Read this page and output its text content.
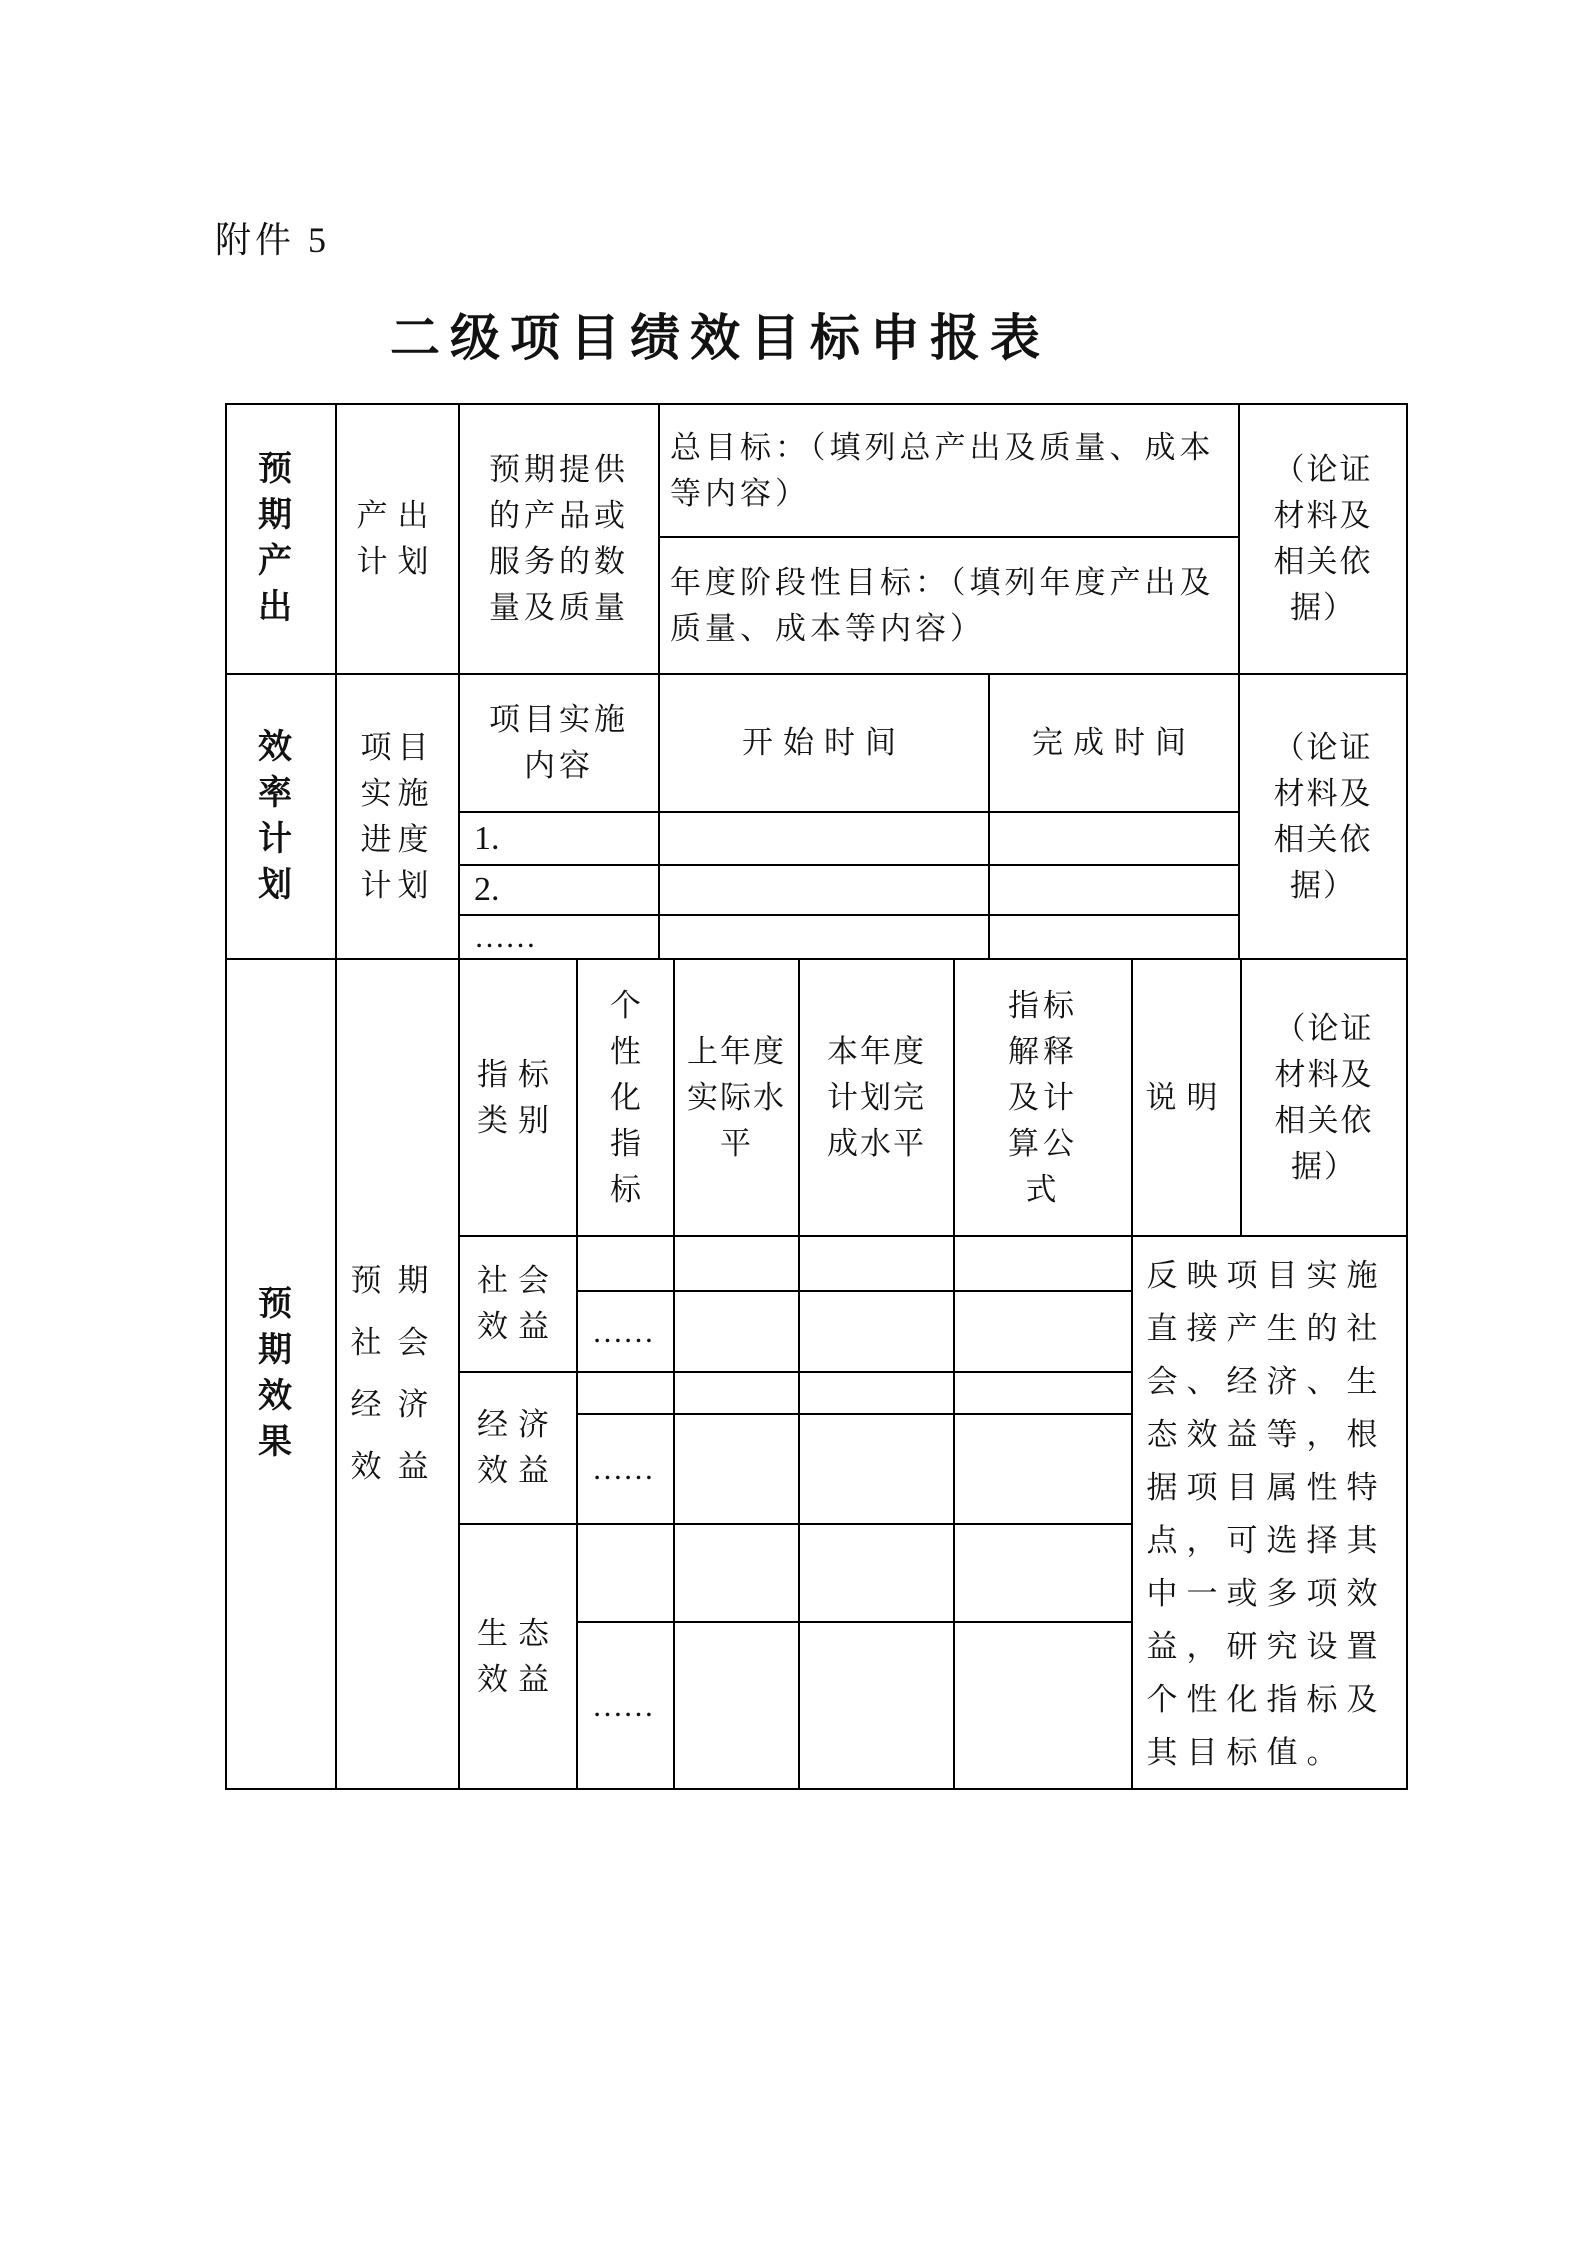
附件 5
二级项目绩效目标申报表
预期产出
产出计划
预期提供的产品或服务的数量及质量
总目标：（填列总产出及质量、成本等内容）
年度阶段性目标：（填列年度产出及质量、成本等内容）
（论证材料及相关依据）
效率计划
项目实施进度计划
项目实施内容
开始时间	完成时间
1.
2.
……
（论证材料及相关依据）
预期效果
预期社会经济效益
指标类别
个性化指标
上年度实际水平
本年度计划完成水平
指标解释及计算公式
说明
（论证材料及相关依据）
社会效益 ……
经济效益 ……
生态效益
……
反映项目实施直接产生的社会、经济、生态效益等，根据项目属性特点，可选择其中一或多项效益，研究设置个性化指标及其目标值。
